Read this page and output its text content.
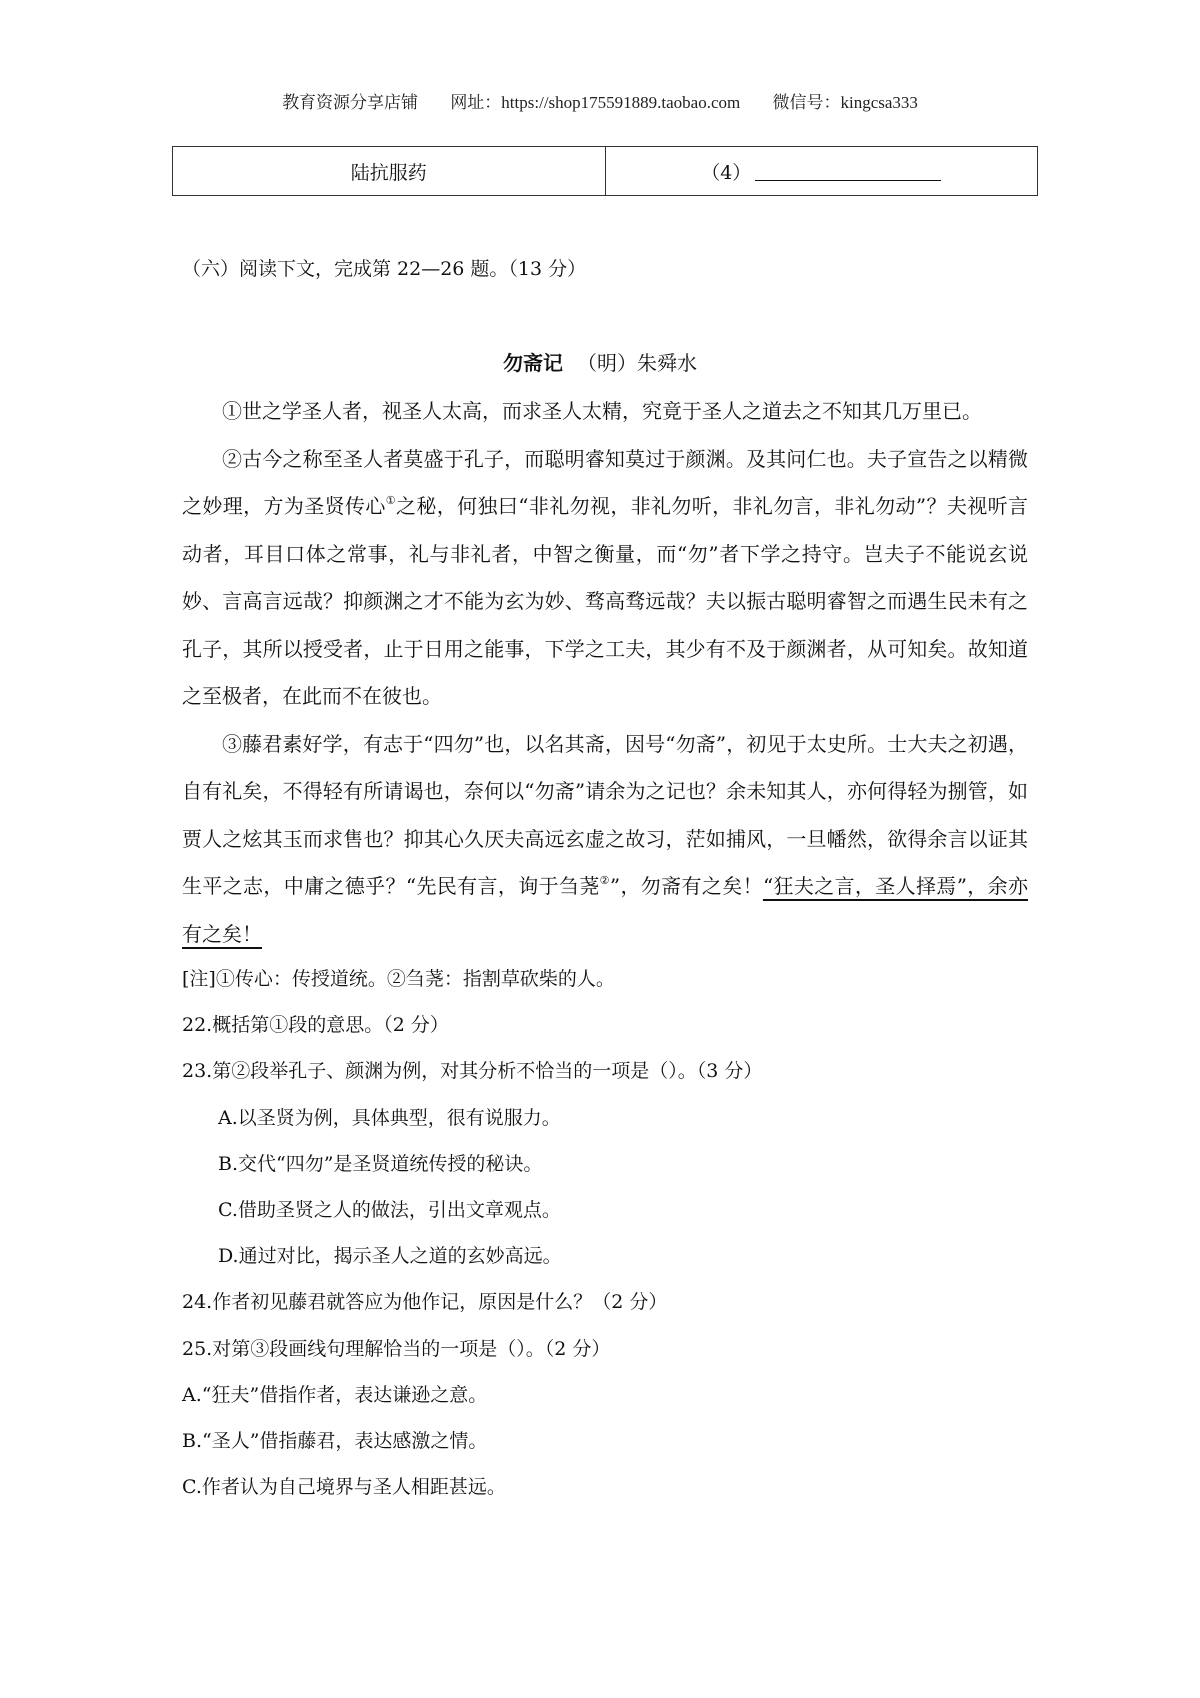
教育资源分享店铺 网址：https://shop175591889.taobao.com 微信号：kingcsa333
陆抗服药	（4）
（六）阅读下文，完成第 22—26 题。（13 分）
勿斋记 （明）朱舜水

①世之学圣人者，视圣人太高，而求圣人太精，究竟于圣人之道去之不知其几万里已。

②古今之称至圣人者莫盛于孔子，而聪明睿知莫过于颜渊。及其问仁也。夫子宣告之以精微之妙理，方为圣贤传心①之秘，何独曰“非礼勿视，非礼勿听，非礼勿言，非礼勿动”？夫视听言动者，耳目口体之常事，礼与非礼者，中智之衡量，而“勿”者下学之持守。岂夫子不能说玄说妙、言高言远哉？抑颜渊之才不能为玄为妙、骛高骛远哉？夫以振古聪明睿智之而遇生民未有之孔子，其所以授受者，止于日用之能事，下学之工夫，其少有不及于颜渊者，从可知矣。故知道之至极者，在此而不在彼也。

③藤君素好学，有志于“四勿”也，以名其斋，因号“勿斋”，初见于太史所。士大夫之初遇，自有礼矣，不得轻有所请谒也，奈何以“勿斋”请余为之记也？余未知其人，亦何得轻为捌管，如贾人之炫其玉而求售也？抑其心久厌夫高远玄虚之故习，茫如捕风，一旦幡然，欲得余言以证其生平之志，中庸之德乎？“先民有言，询于刍荛②”，勿斋有之矣！“狂夫之言，圣人择焉”，余亦有之矣！

[注]①传心：传授道统。②刍荛：指割草砍柴的人。
22.概括第①段的意思。（2 分）
23.第②段举孔子、颜渊为例，对其分析不恰当的一项是（）。（3 分）
A.以圣贤为例，具体典型，很有说服力。
B.交代“四勿”是圣贤道统传授的秘诀。
C.借助圣贤之人的做法，引出文章观点。
D.通过对比，揭示圣人之道的玄妙高远。
24.作者初见藤君就答应为他作记，原因是什么？（2 分）
25.对第③段画线句理解恰当的一项是（）。（2 分）
A.“狂夫”借指作者，表达谦逊之意。
B.“圣人”借指藤君，表达感激之情。
C.作者认为自己境界与圣人相距甚远。
